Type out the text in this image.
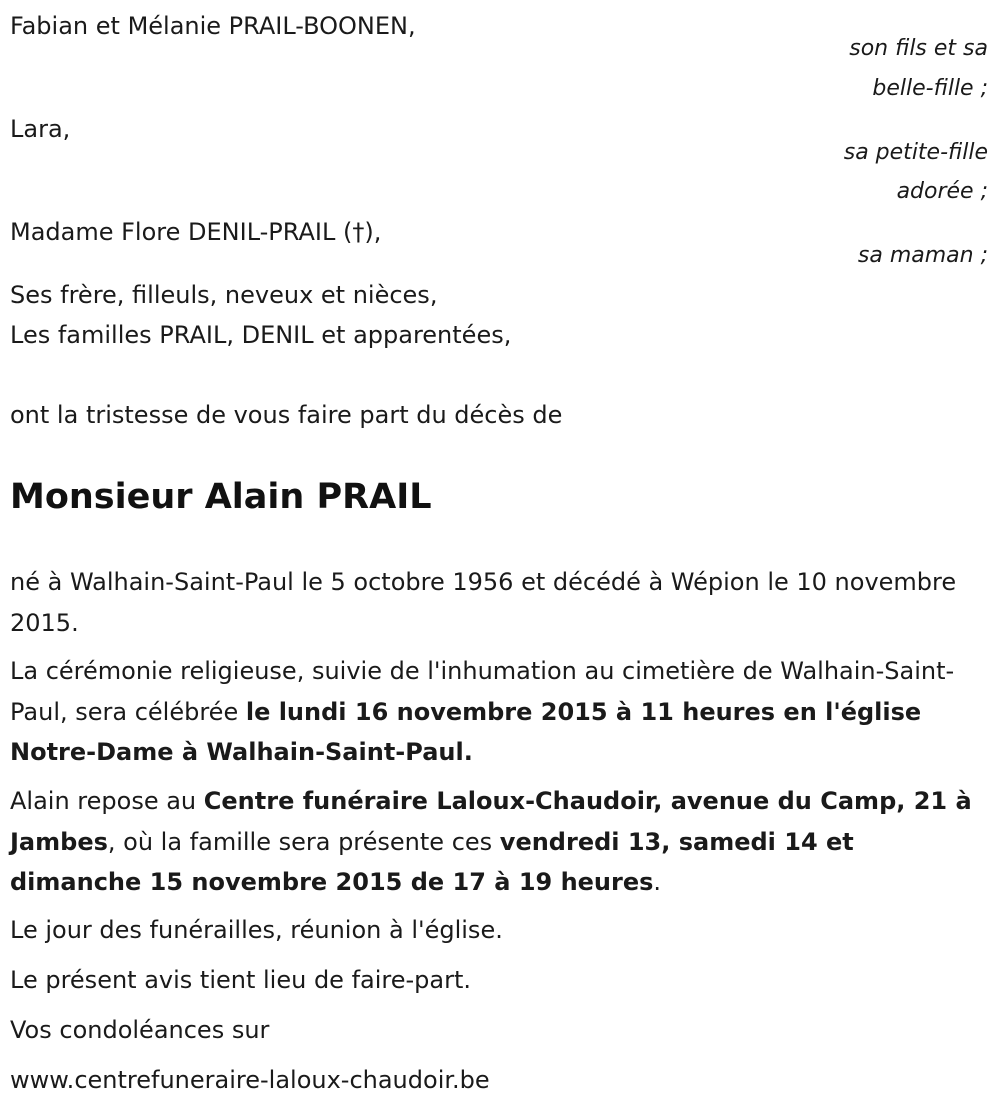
Fabian et Mélanie PRAIL-BOONEN,
Lara,
Madame Flore DENIL-PRAIL (†),
son fils et sa
belle-fille ;
sa petite-fille
adorée ;
sa maman ;
Ses frère, filleuls, neveux et nièces,
Les familles PRAIL, DENIL et apparentées,
ont la tristesse de vous faire part du décès de
Monsieur Alain PRAIL
né à Walhain-Saint-Paul le 5 octobre 1956 et décédé à Wépion le 10 novembre 2015.
La cérémonie religieuse, suivie de l'inhumation au cimetière de Walhain-Saint-Paul, sera célébrée le lundi 16 novembre 2015 à 11 heures en l'église Notre-Dame à Walhain-Saint-Paul.
Alain repose au Centre funéraire Laloux-Chaudoir, avenue du Camp, 21 à Jambes, où la famille sera présente ces vendredi 13, samedi 14 et dimanche 15 novembre 2015 de 17 à 19 heures.
Le jour des funérailles, réunion à l'église.
Le présent avis tient lieu de faire-part.
Vos condoléances sur
www.centrefuneraire-laloux-chaudoir.be
